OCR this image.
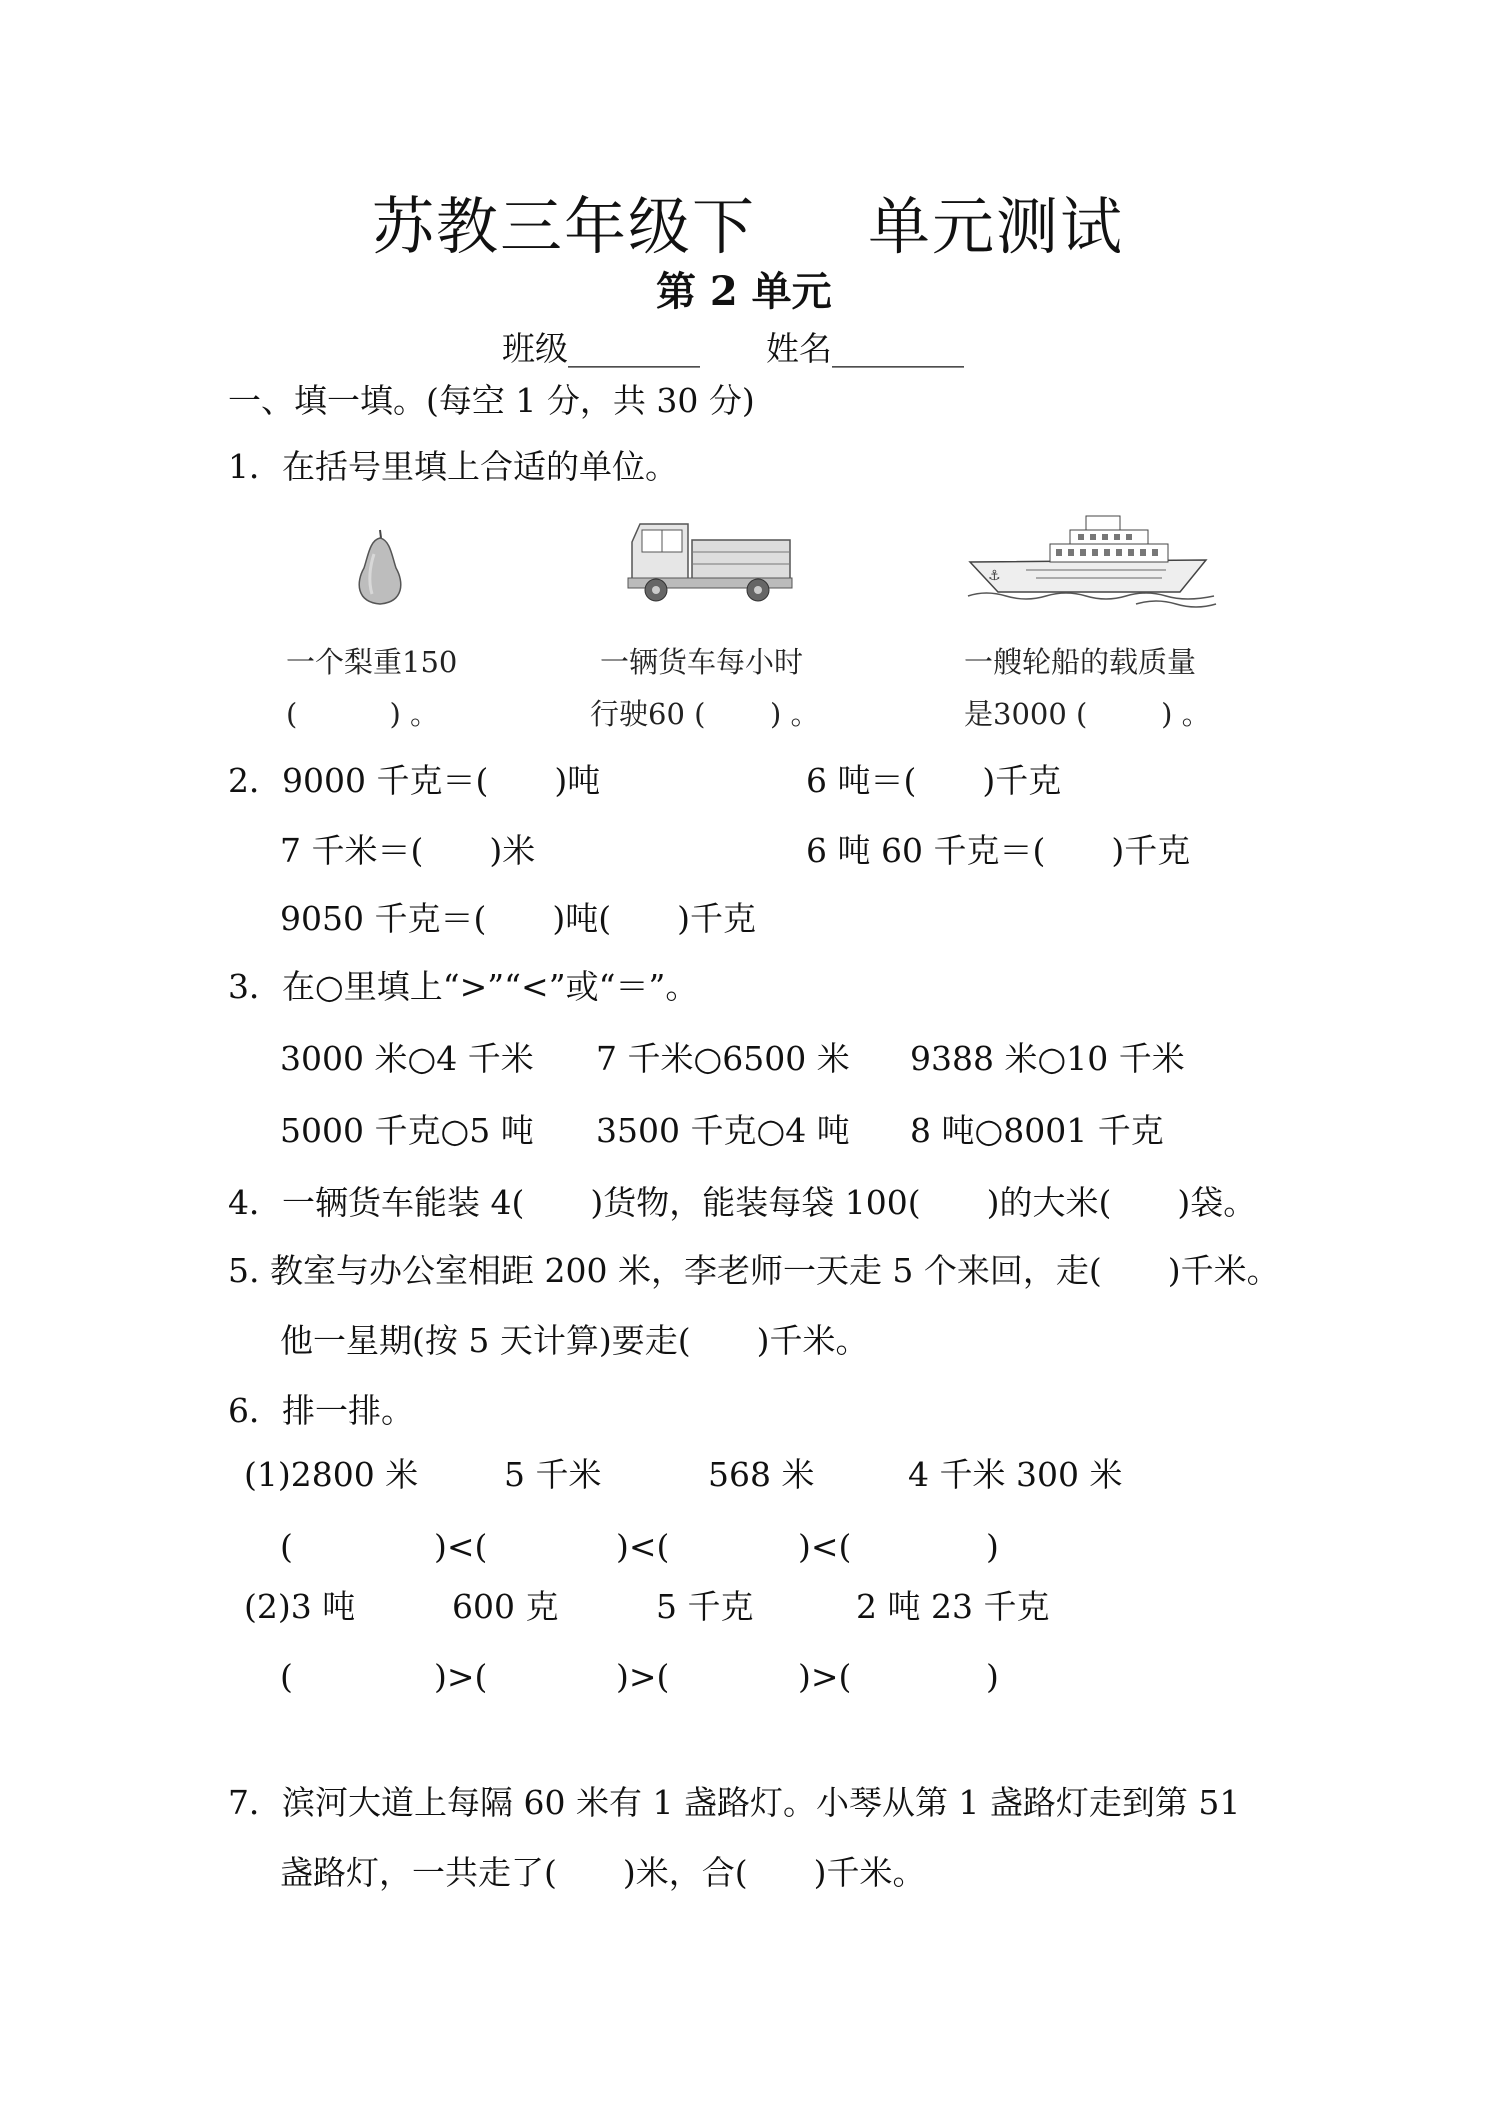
苏教三年级下 单元测试
第 2 单元
班级________ 姓名________
一、填一填。(每空 1 分，共 30 分)
1．在括号里填上合适的单位。
⚓
一个梨重150
(          ) 。
一辆货车每小时
行驶60 (       ) 。
一艘轮船的载质量
是3000 (        ) 。
2．9000 千克＝(　　)吨	6 吨＝(　　)千克
7 千米＝(　　)米	6 吨 60 千克＝(　　)千克
9050 千克＝(　　)吨(　　)千克
3．在○里填上“>”“<”或“＝”。
3000 米○4 千米 7 千米○6500 米 9388 米○10 千米
5000 千克○5 吨 3500 千克○4 吨 8 吨○8001 千克
4．一辆货车能装 4(　　)货物，能装每袋 100(　　)的大米(　　)袋。
5. 教室与办公室相距 200 米，李老师一天走 5 个来回，走(　　)千米。
他一星期(按 5 天计算)要走(　　)千米。
6．排一排。
(1)2800 米	5 千米	568 米	4 千米 300 米
(	)<(	)<(	)<(	)
(2)3 吨	600 克	5 千克	2 吨 23 千克
(	)>(	)>(	)>(	)
7．滨河大道上每隔 60 米有 1 盏路灯。小琴从第 1 盏路灯走到第 51
盏路灯，一共走了(　　)米，合(　　)千米。
